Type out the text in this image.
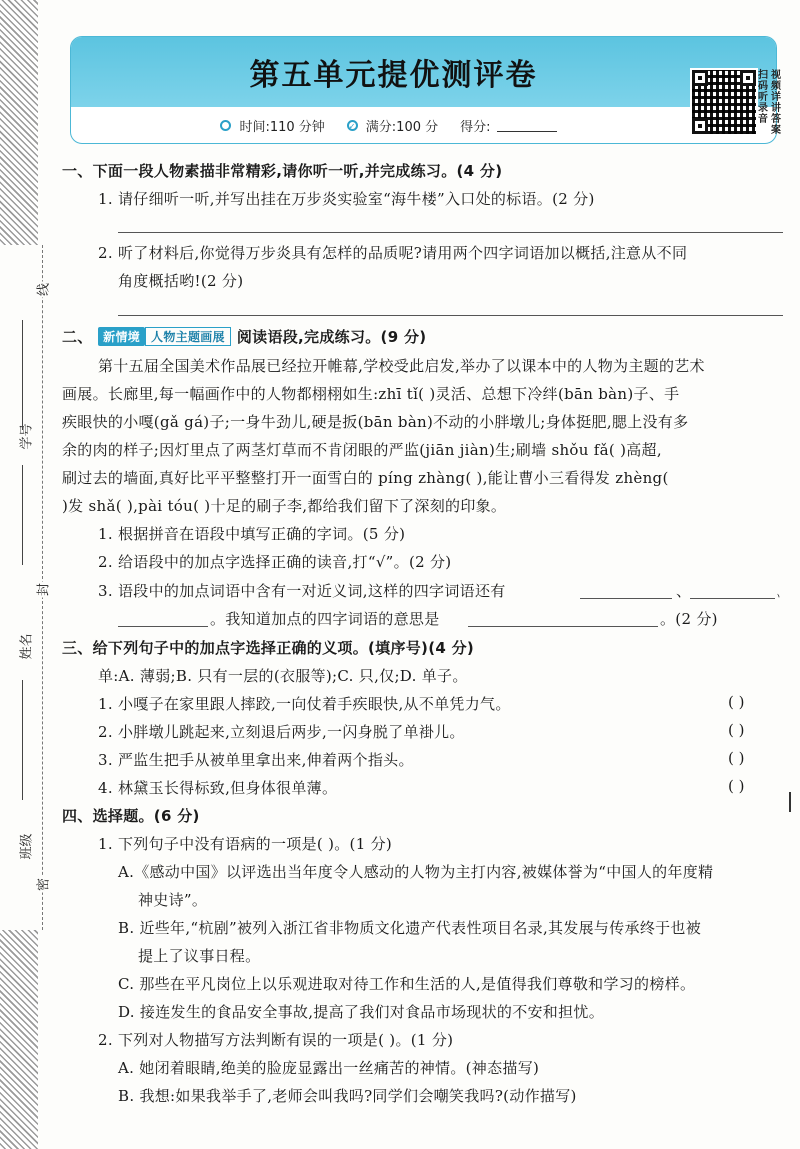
线
封
密
学号
姓名
班级
第五单元提优测评卷
时间:110 分钟
✓	满分:100 分 得分:
扫码听录音
视频详讲答案
一、下面一段人物素描非常精彩,请你听一听,并完成练习。(4 分)
1. 请仔细听一听,并写出挂在万步炎实验室“海牛楼”入口处的标语。(2 分)
2. 听了材料后,你觉得万步炎具有怎样的品质呢?请用两个四字词语加以概括,注意从不同
角度概括哟!(2 分)
二、 新情境 人物主题画展 阅读语段,完成练习。(9 分)
第十五届全国美术作品展已经拉开帷幕,学校受此启发,举办了以课本中的人物为主题的艺术
画展。长廊里,每一幅画作中的人物都栩栩如生:zhī tǐ( )灵活、总想下冷绊(bān bàn)子、手
疾眼快的小嘎(gǎ gá)子;一身牛劲儿,硬是扳(bān bàn)不动的小胖墩儿;身体挺肥,腮上没有多
余的肉的样子;因灯里点了两茎灯草而不肯闭眼的严监(jiān jiàn)生;刷墙 shǒu fǎ( )高超,
刷过去的墙面,真好比平平整整打开一面雪白的 píng zhàng( ),能让曹小三看得发 zhèng(
)发 shǎ( ),pài tóu( )十足的刷子李,都给我们留下了深刻的印象。
1. 根据拼音在语段中填写正确的字词。(5 分)
2. 给语段中的加点字选择正确的读音,打“√”。(2 分)
3. 语段中的加点词语中含有一对近义词,这样的四字词语还有	、	、
。我知道加点的四字词语的意思是	。(2 分)
三、给下列句子中的加点字选择正确的义项。(填序号)(4 分)
单:A. 薄弱;B. 只有一层的(衣服等);C. 只,仅;D. 单子。
1. 小嘎子在家里跟人摔跤,一向仗着手疾眼快,从不单凭力气。	( )
2. 小胖墩儿跳起来,立刻退后两步,一闪身脱了单褂儿。	( )
3. 严监生把手从被单里拿出来,伸着两个指头。	( )
4. 林黛玉长得标致,但身体很单薄。	( )
四、选择题。(6 分)
1. 下列句子中没有语病的一项是( )。(1 分)
A.《感动中国》以评选出当年度令人感动的人物为主打内容,被媒体誉为“中国人的年度精
神史诗”。
B. 近些年,“杭剧”被列入浙江省非物质文化遗产代表性项目名录,其发展与传承终于也被
提上了议事日程。
C. 那些在平凡岗位上以乐观进取对待工作和生活的人,是值得我们尊敬和学习的榜样。
D. 接连发生的食品安全事故,提高了我们对食品市场现状的不安和担忧。
2. 下列对人物描写方法判断有误的一项是( )。(1 分)
A. 她闭着眼睛,绝美的脸庞显露出一丝痛苦的神情。(神态描写)
B. 我想:如果我举手了,老师会叫我吗?同学们会嘲笑我吗?(动作描写)
